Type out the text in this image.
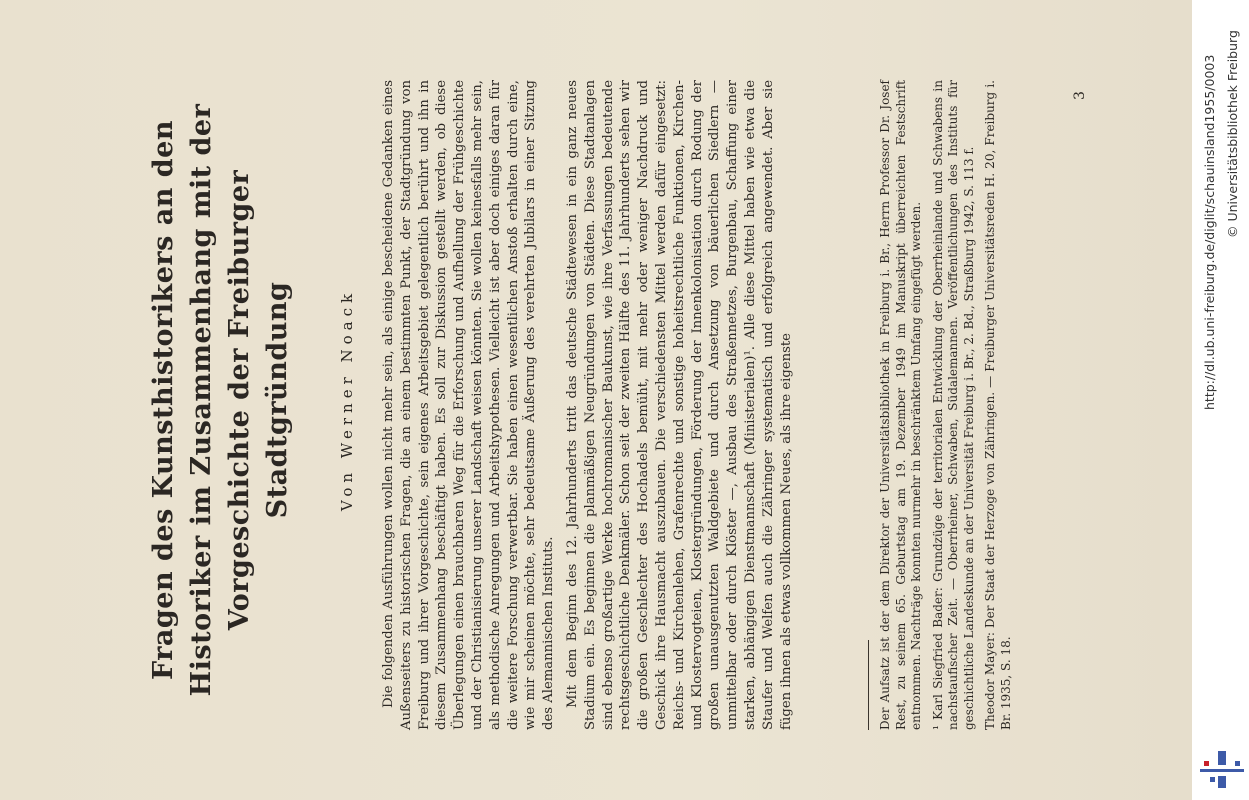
Fragen des Kunsthistorikers an den Historiker im Zusammenhang mit der Vorgeschichte der Freiburger Stadtgründung	Von Werner Noack Die folgenden Ausführungen wollen nicht mehr sein, als einige bescheidene Gedanken eines Außenseiters zu historischen Fragen, die an einem bestimmten Punkt, der Stadtgründung von Freiburg und ihrer Vorgeschichte, sein eigenes Arbeitsgebiet gelegentlich berührt und ihn in diesem Zusammenhang beschäftigt haben. Es soll zur Diskussion gestellt werden, ob diese Überlegungen einen brauchbaren Weg für die Erforschung und Aufhellung der Frühgeschichte und der Christianisierung unserer Landschaft weisen könnten. Sie wollen keinesfalls mehr sein, als methodische Anregungen und Arbeitshypothesen. Vielleicht ist aber doch einiges daran für die weitere Forschung verwertbar. Sie haben einen wesentlichen Anstoß erhalten durch eine, wie mir scheinen möchte, sehr bedeutsame Äußerung des verehrten Jubilars in einer Sitzung des Alemannischen Instituts. Mit dem Beginn des 12. Jahrhunderts tritt das deutsche Städtewesen in ein ganz neues Stadium ein. Es beginnen die planmäßigen Neugründungen von Städten. Diese Stadtanlagen sind ebenso großartige Werke hochromanischer Baukunst, wie ihre Verfassungen bedeutende rechtsgeschichtliche Denkmäler. Schon seit der zweiten Hälfte des 11. Jahrhunderts sehen wir die großen Geschlechter des Hochadels bemüht, mit mehr oder weniger Nachdruck und Geschick ihre Hausmacht auszubauen. Die verschiedensten Mittel werden dafür eingesetzt: Reichs- und Kirchenlehen, Grafenrechte und sonstige hoheitsrechtliche Funktionen, Kirchen- und Klostervogteien, Klostergründungen, Förderung der Innenkolonisation durch Rodung der großen unausgenutzten Waldgebiete und durch Ansetzung von bäuerlichen Siedlern — unmittelbar oder durch Klöster —, Ausbau des Straßennetzes, Burgenbau, Schaffung einer starken, abhängigen Dienstmannschaft (Ministerialen)¹. Alle diese Mittel haben wie etwa die Staufer und Welfen auch die Zähringer systematisch und erfolgreich angewendet. Aber sie fügen ihnen als etwas vollkommen Neues, als ihre eigenste	Der Aufsatz ist der dem Direktor der Universitätsbibliothek in Freiburg i. Br., Herrn Professor Dr. Josef Rest, zu seinem 65. Geburtstag am 19. Dezember 1949 im Manuskript überreichten Festschrift entnommen. Nachträge konnten nurmehr in beschränktem Umfang eingefügt werden. ¹ Karl Siegfried Bader: Grundzüge der territorialen Entwicklung der Oberrheinlande und Schwabens in nachstaufischer Zeit. — Oberrheiner, Schwaben, Südalemannen. Veröffentlichungen des Instituts für geschichtliche Landeskunde an der Universität Freiburg i. Br., 2. Bd., Straßburg 1942, S. 113 f. Theodor Mayer: Der Staat der Herzoge von Zähringen. — Freiburger Universitätsreden H. 20, Freiburg i. Br. 1935, S. 18.

3	http://dl.ub.uni-freiburg.de/diglit/schauinsland1955/0003 © Universitätsbibliothek Freiburg
